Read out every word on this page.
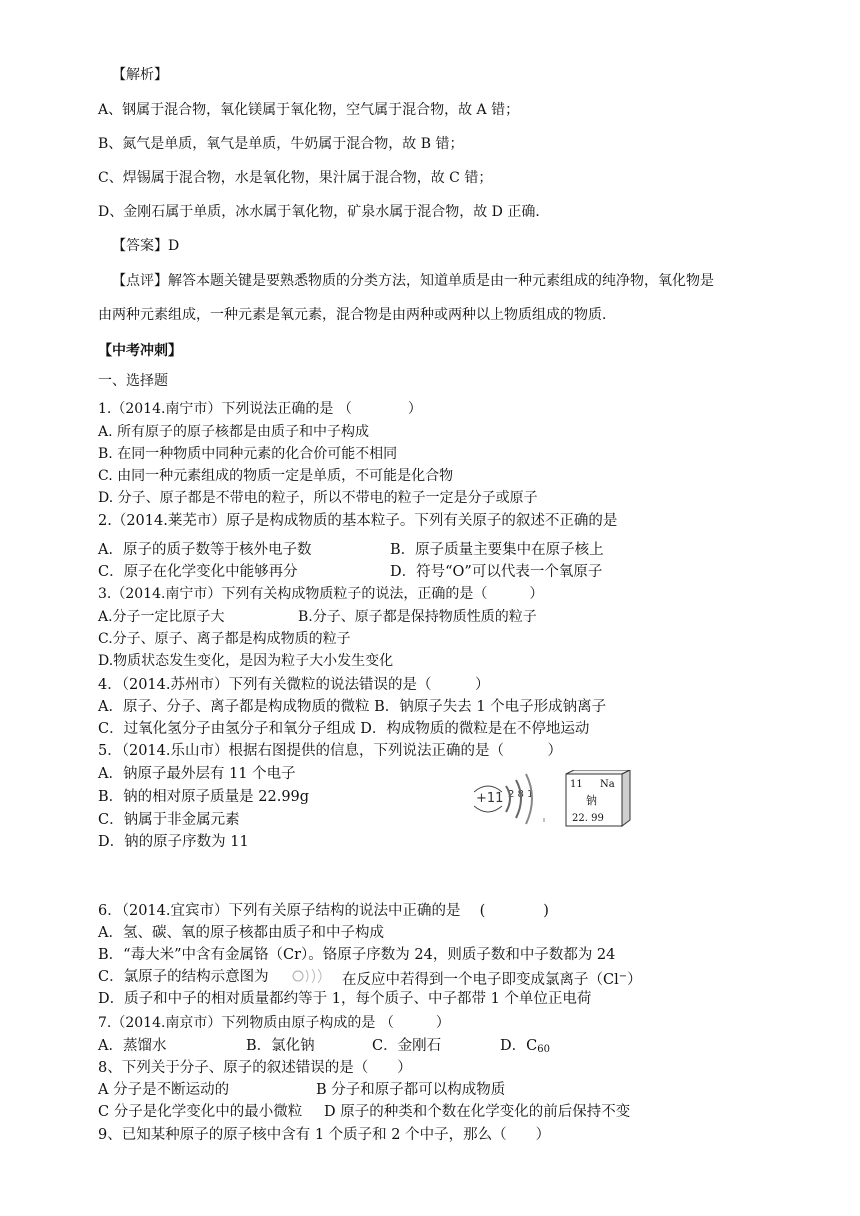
【解析】
A、钢属于混合物，氧化镁属于氧化物，空气属于混合物，故 A 错；
B、氮气是单质，氧气是单质，牛奶属于混合物，故 B 错；
C、焊锡属于混合物，水是氧化物，果汁属于混合物，故 C 错；
D、金刚石属于单质，冰水属于氧化物，矿泉水属于混合物，故 D 正确．
【答案】D
【点评】解答本题关键是要熟悉物质的分类方法，知道单质是由一种元素组成的纯净物，氧化物是
由两种元素组成，一种元素是氧元素，混合物是由两种或两种以上物质组成的物质．
【中考冲刺】
一、选择题
1.（2014.南宁市）下列说法正确的是 （　　　　）
A. 所有原子的原子核都是由质子和中子构成
B. 在同一种物质中同种元素的化合价可能不相同
C. 由同一种元素组成的物质一定是单质，不可能是化合物
D. 分子、原子都是不带电的粒子，所以不带电的粒子一定是分子或原子
2.（2014.莱芜市）原子是构成物质的基本粒子。下列有关原子的叙述不正确的是
A．原子的质子数等于核外电子数	B．原子质量主要集中在原子核上
C．原子在化学变化中能够再分	D．符号“O”可以代表一个氧原子
3.（2014.南宁市）下列有关构成物质粒子的说法，正确的是（　　　）
A.分子一定比原子大	B.分子、原子都是保持物质性质的粒子
C.分子、原子、离子都是构成物质的粒子
D.物质状态发生变化，是因为粒子大小发生变化
4．（2014.苏州市）下列有关微粒的说法错误的是（　　　）
A．原子、分子、离子都是构成物质的微粒 B．钠原子失去 1 个电子形成钠离子
C．过氧化氢分子由氢分子和氧分子组成 D．构成物质的微粒是在不停地运动
5．（2014.乐山市）根据右图提供的信息，下列说法正确的是（　　　）
A．钠原子最外层有 11 个电子
B．钠的相对原子质量是 22.99g
C．钠属于非金属元素
D．钠的原子序数为 11
+11 2 8 1
11 Na
钠
22. 99
6．（2014.宜宾市）下列有关原子结构的说法中正确的是　 (　　　　)
A．氢、碳、氧的原子核都由质子和中子构成
B．“毒大米”中含有金属铬（Cr）。铬原子序数为 24，则质子数和中子数都为 24
C．氯原子的结构示意图为	在反应中若得到一个电子即变成氯离子（Cl−）
D．质子和中子的相对质量都约等于 1，每个质子、中子都带 1 个单位正电荷
7.（2014.南京市）下列物质由原子构成的是 （　　　）
A．蒸馏水	B．氯化钠	C．金刚石	D．$C_{60}$
8、下列关于分子、原子的叙述错误的是（　　）
A 分子是不断运动的	B 分子和原子都可以构成物质
C 分子是化学变化中的最小微粒 D 原子的种类和个数在化学变化的前后保持不变
9、已知某种原子的原子核中含有 1 个质子和 2 个中子，那么（　　）
